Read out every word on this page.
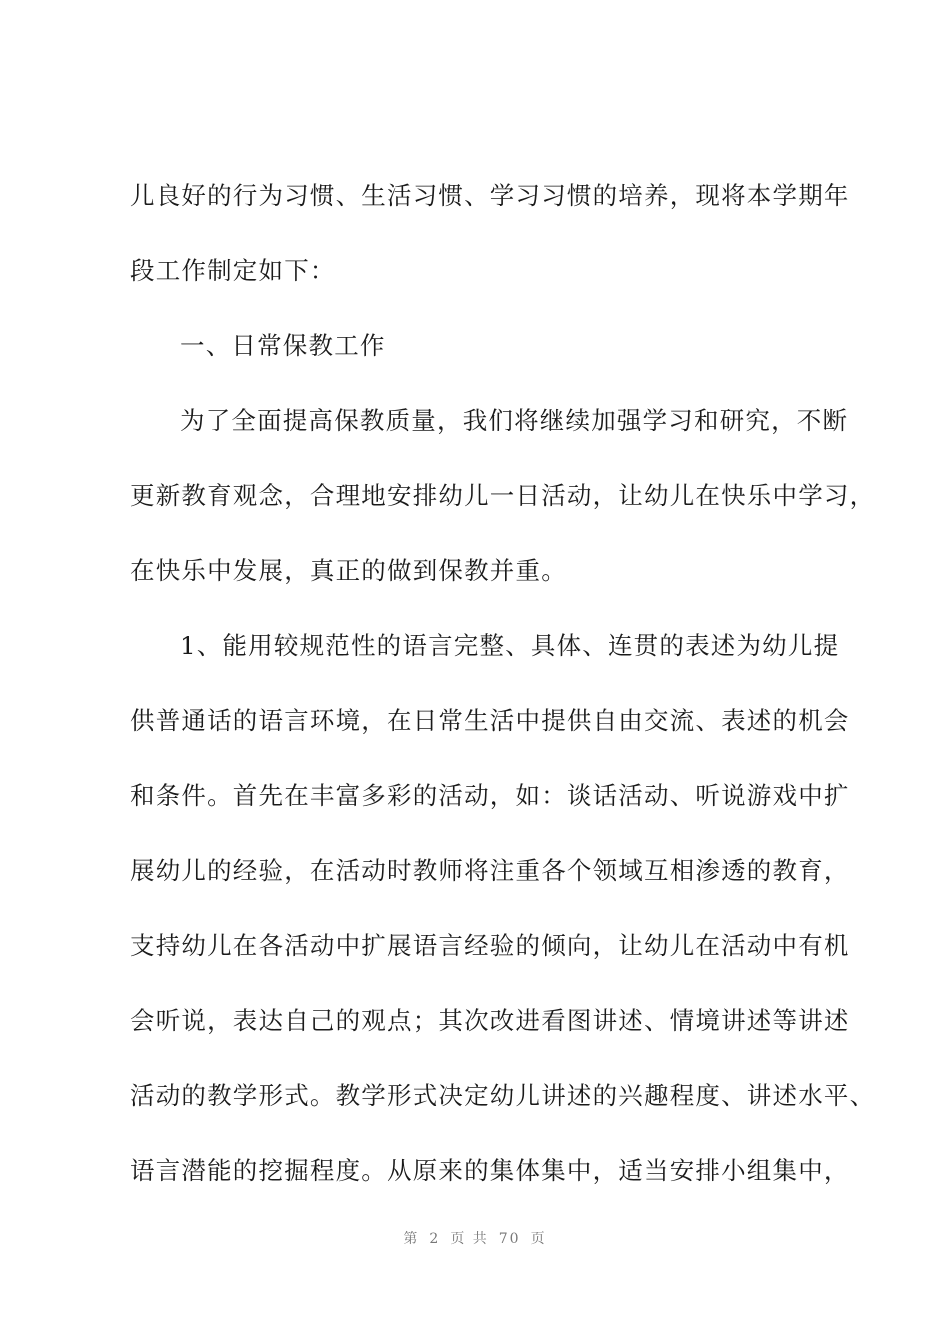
儿良好的行为习惯、生活习惯、学习习惯的培养，现将本学期年
段工作制定如下：
一、日常保教工作
为了全面提高保教质量，我们将继续加强学习和研究，不断
更新教育观念，合理地安排幼儿一日活动，让幼儿在快乐中学习，
在快乐中发展，真正的做到保教并重。
1、能用较规范性的语言完整、具体、连贯的表述为幼儿提
供普通话的语言环境，在日常生活中提供自由交流、表述的机会
和条件。首先在丰富多彩的活动，如：谈话活动、听说游戏中扩
展幼儿的经验，在活动时教师将注重各个领域互相渗透的教育，
支持幼儿在各活动中扩展语言经验的倾向，让幼儿在活动中有机
会听说，表达自己的观点；其次改进看图讲述、情境讲述等讲述
活动的教学形式。教学形式决定幼儿讲述的兴趣程度、讲述水平、
语言潜能的挖掘程度。从原来的集体集中，适当安排小组集中，
第 2 页 共 70 页
